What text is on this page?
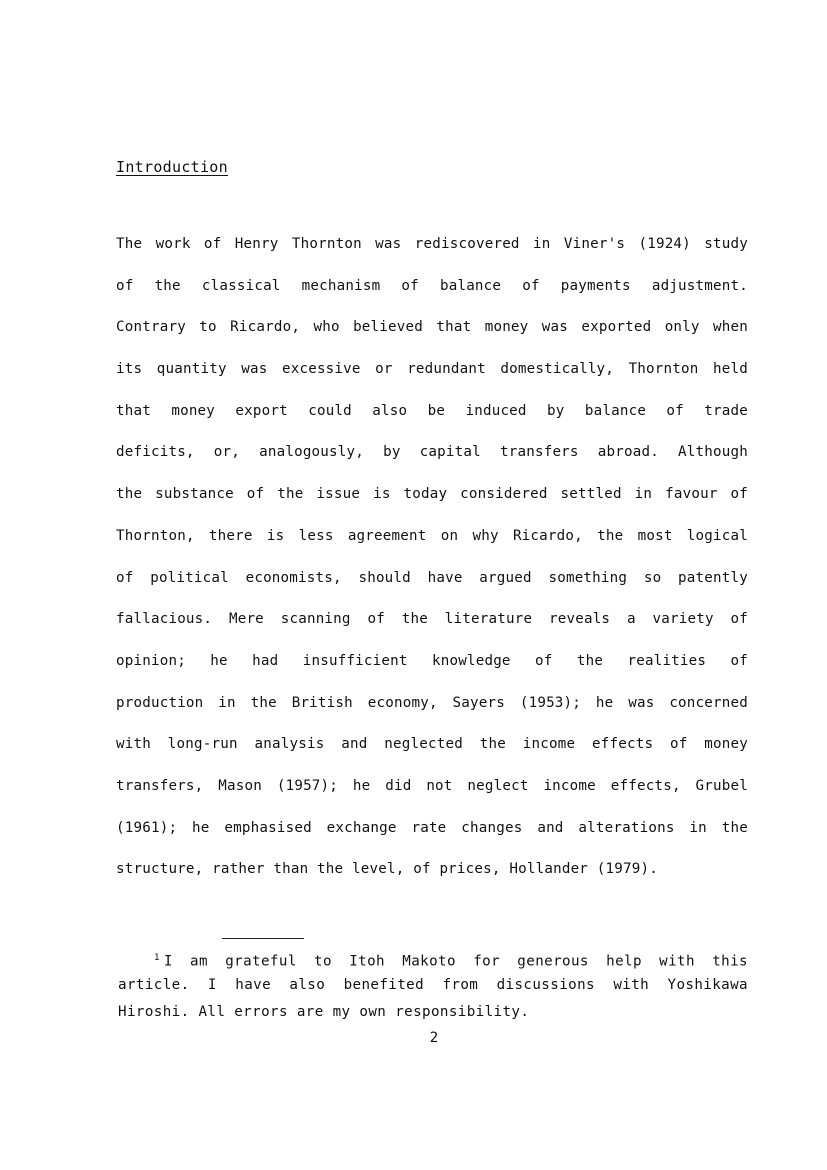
Introduction
The work of Henry Thornton was rediscovered in Viner's (1924) study
of the classical mechanism of balance of payments adjustment.
Contrary to Ricardo, who believed that money was exported only when
its quantity was excessive or redundant domestically, Thornton held
that money export could also be induced by balance of trade
deficits, or, analogously, by capital transfers abroad. Although
the substance of the issue is today considered settled in favour of
Thornton, there is less agreement on why Ricardo, the most logical
of political economists, should have argued something so patently
fallacious. Mere scanning of the literature reveals a variety of
opinion; he had insufficient knowledge of the realities of
production in the British economy, Sayers (1953); he was concerned
with long-run analysis and neglected the income effects of money
transfers, Mason (1957); he did not neglect income effects, Grubel
(1961); he emphasised exchange rate changes and alterations in the
structure, rather than the level, of prices, Hollander (1979).
$^1$ I am grateful to Itoh Makoto for generous help with this
article. I have also benefited from discussions with Yoshikawa
Hiroshi. All errors are my own responsibility.
2
